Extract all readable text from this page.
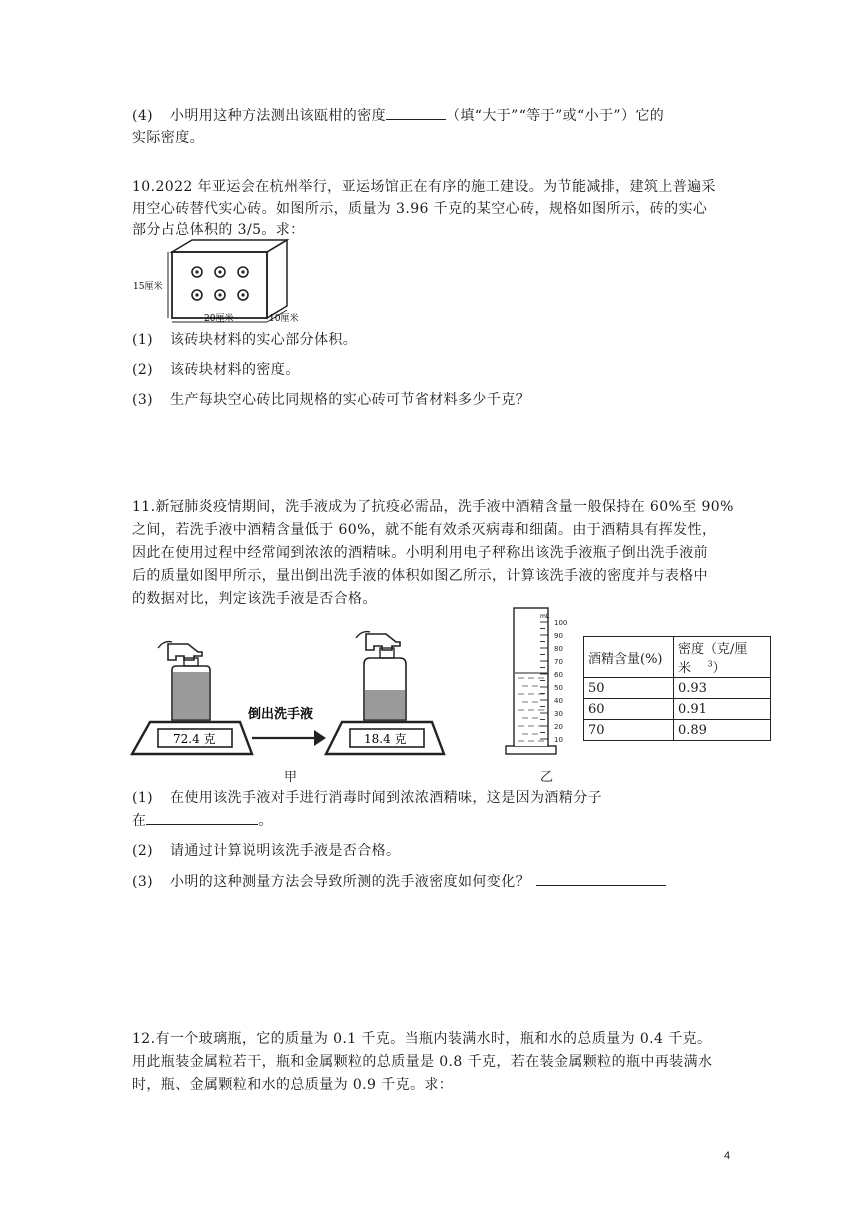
(4) 小明用这种方法测出该瓯柑的密度	（填“大于”“等于”或“小于”）它的
实际密度。
10.2022 年亚运会在杭州举行，亚运场馆正在有序的施工建设。为节能减排，建筑上普遍采
用空心砖替代实心砖。如图所示，质量为 3.96 千克的某空心砖，规格如图所示，砖的实心
部分占总体积的 3/5。求：
15厘米
20厘米	10厘米
(1) 该砖块材料的实心部分体积。
(2) 该砖块材料的密度。
(3) 生产每块空心砖比同规格的实心砖可节省材料多少千克？
11.新冠肺炎疫情期间，洗手液成为了抗疫必需品，洗手液中酒精含量一般保持在 60%至 90%
之间，若洗手液中酒精含量低于 60%，就不能有效杀灭病毒和细菌。由于酒精具有挥发性，
因此在使用过程中经常闻到浓浓的酒精味。小明利用电子秤称出该洗手液瓶子倒出洗手液前
后的质量如图甲所示，量出倒出洗手液的体积如图乙所示，计算该洗手液的密度并与表格中
的数据对比，判定该洗手液是否合格。
72.4 克
倒出洗手液
18.4 克
甲
100
90
80
70
60
50
40
30
20
10
mL
乙
酒精含量(%)	密度（克/厘
米 $^3$）
50	0.93
60	0.91
70	0.89
(1) 在使用该洗手液对手进行消毒时闻到浓浓酒精味，这是因为酒精分子
在	。
(2) 请通过计算说明该洗手液是否合格。
(3) 小明的这种测量方法会导致所测的洗手液密度如何变化？
12.有一个玻璃瓶，它的质量为 0.1 千克。当瓶内装满水时，瓶和水的总质量为 0.4 千克。
用此瓶装金属粒若干，瓶和金属颗粒的总质量是 0.8 千克，若在装金属颗粒的瓶中再装满水
时，瓶、金属颗粒和水的总质量为 0.9 千克。求：
4
